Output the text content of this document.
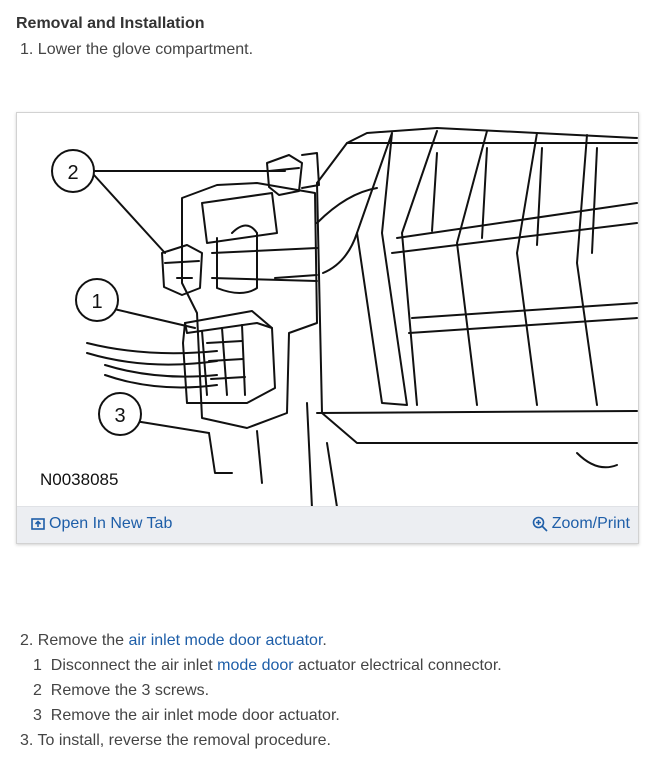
Removal and Installation
1. Lower the glove compartment.
2
1
3
N0038085
Open In New Tab	Zoom/Print
2. Remove the air inlet mode door actuator.
1 Disconnect the air inlet mode door actuator electrical connector.
2 Remove the 3 screws.
3 Remove the air inlet mode door actuator.
3. To install, reverse the removal procedure.
